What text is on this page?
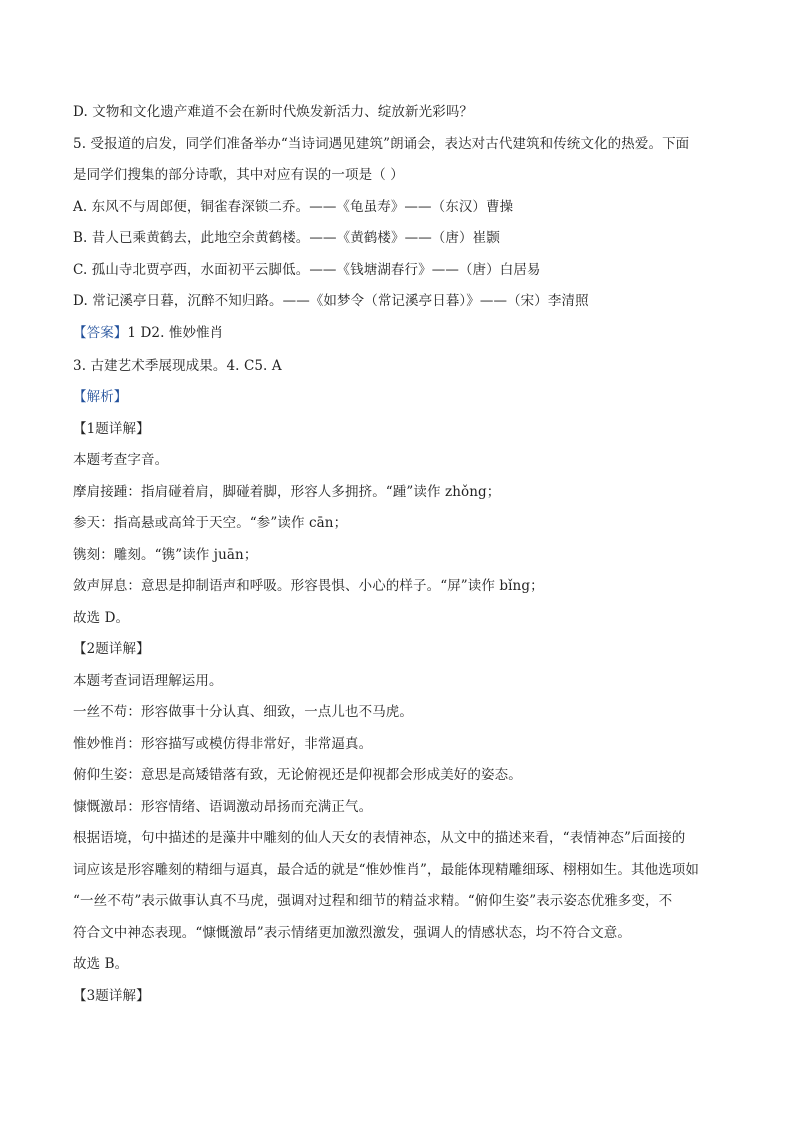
D. 文物和文化遗产难道不会在新时代焕发新活力、绽放新光彩吗？
5. 受报道的启发，同学们准备举办“当诗词遇见建筑”朗诵会，表达对古代建筑和传统文化的热爱。下面
是同学们搜集的部分诗歌，其中对应有误的一项是（ ）
A. 东风不与周郎便，铜雀春深锁二乔。——《龟虽寿》——（东汉）曹操
B. 昔人已乘黄鹤去，此地空余黄鹤楼。——《黄鹤楼》——（唐）崔颢
C. 孤山寺北贾亭西，水面初平云脚低。——《钱塘湖春行》——（唐）白居易
D. 常记溪亭日暮，沉醉不知归路。——《如梦令（常记溪亭日暮）》——（宋）李清照
【答案】1 D2. 惟妙惟肖
3. 古建艺术季展现成果。4. C5. A
【解析】
【1题详解】
本题考查字音。
摩肩接踵：指肩碰着肩，脚碰着脚，形容人多拥挤。“踵”读作 zhǒng；
参天：指高悬或高耸于天空。“参”读作 cān；
镌刻：雕刻。“镌”读作 juān；
敛声屏息：意思是抑制语声和呼吸。形容畏惧、小心的样子。“屏”读作 bǐng；
故选 D。
【2题详解】
本题考查词语理解运用。
一丝不苟：形容做事十分认真、细致，一点儿也不马虎。
惟妙惟肖：形容描写或模仿得非常好，非常逼真。
俯仰生姿：意思是高矮错落有致，无论俯视还是仰视都会形成美好的姿态。
慷慨激昂：形容情绪、语调激动昂扬而充满正气。
根据语境，句中描述的是藻井中雕刻的仙人天女的表情神态，从文中的描述来看，“表情神态”后面接的
词应该是形容雕刻的精细与逼真，最合适的就是“惟妙惟肖”，最能体现精雕细琢、栩栩如生。其他选项如
“一丝不苟”表示做事认真不马虎，强调对过程和细节的精益求精。“俯仰生姿”表示姿态优雅多变，不
符合文中神态表现。“慷慨激昂”表示情绪更加激烈激发，强调人的情感状态，均不符合文意。
故选 B。
【3题详解】
